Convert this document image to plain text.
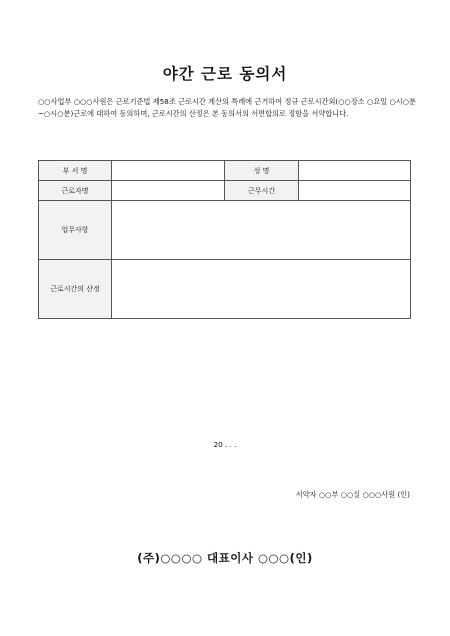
야간 근로 동의서
○○사업부 ○○○사원은 근로기준법 제58조 근로시간 계산의 특례에 근거하여 정규 근로시간외(○○장소 ○요일 ○시○분~○시○분)근로에 대하여 동의하며, 근로시간의 산정은 본 동의서의 서면합의로 정함을 서약합니다.
부 서 명		성 명	
근로자명		근무시간	
업무사항			
근로시간의 산정			
20 . . .
서약자 ○○부 ○○실 ○○○사원 (인)
(주)○○○○ 대표이사 ○○○(인)
